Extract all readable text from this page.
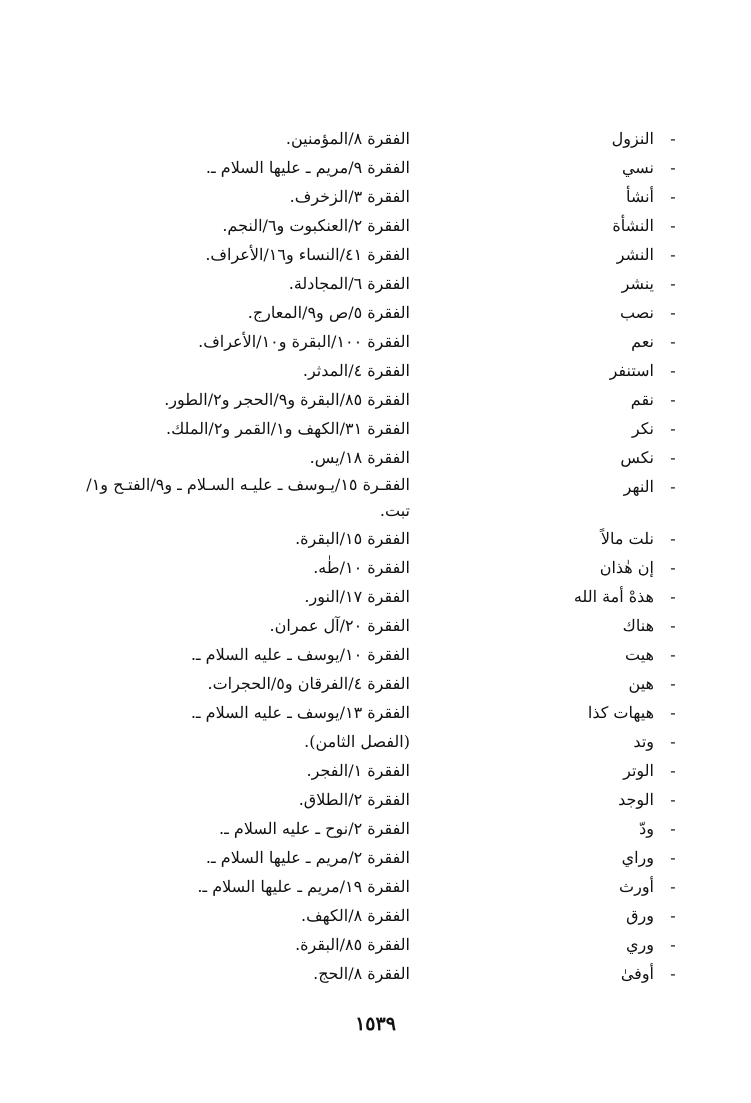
-
النزول
الفقرة ٨/المؤمنين.
-
نسي
الفقرة ٩/مريم ـ عليها السلام ـ.
-
أنشأ
الفقرة ٣/الزخرف.
-
النشأة
الفقرة ٢/العنكبوت و٦/النجم.
-
النشر
الفقرة ٤١/النساء و١٦/الأعراف.
-
ينشر
الفقرة ٦/المجادلة.
-
نصب
الفقرة ٥/ص و٩/المعارج.
-
نعم
الفقرة ١٠٠/البقرة و١٠/الأعراف.
-
استنفر
الفقرة ٤/المدثر.
-
نقم
الفقرة ٨٥/البقرة و٩/الحجر و٢/الطور.
-
نكر
الفقرة ٣١/الكهف و١/القمر و٢/الملك.
-
نكس
الفقرة ١٨/يس.
-
النهر
الفقـرة ١٥/يـوسف ـ عليـه السـلام ـ و٩/الفتـح و١/تبت.
-
نلت مالاً
الفقرة ١٥/البقرة.
-
إن هٰذان
الفقرة ١٠/طٰه.
-
هذهْ أمة الله
الفقرة ١٧/النور.
-
هناك
الفقرة ٢٠/آل عمران.
-
هيت
الفقرة ١٠/يوسف ـ عليه السلام ـ.
-
هين
الفقرة ٤/الفرقان و٥/الحجرات.
-
هيهات كذا
الفقرة ١٣/يوسف ـ عليه السلام ـ.
-
وتد
(الفصل الثامن).
-
الوتر
الفقرة ١/الفجر.
-
الوجد
الفقرة ٢/الطلاق.
-
ودّ
الفقرة ٢/نوح ـ عليه السلام ـ.
-
وراي
الفقرة ٢/مريم ـ عليها السلام ـ.
-
أورث
الفقرة ١٩/مريم ـ عليها السلام ـ.
-
ورق
الفقرة ٨/الكهف.
-
وري
الفقرة ٨٥/البقرة.
-
أوفىٰ
الفقرة ٨/الحج.
١٥٣٩
